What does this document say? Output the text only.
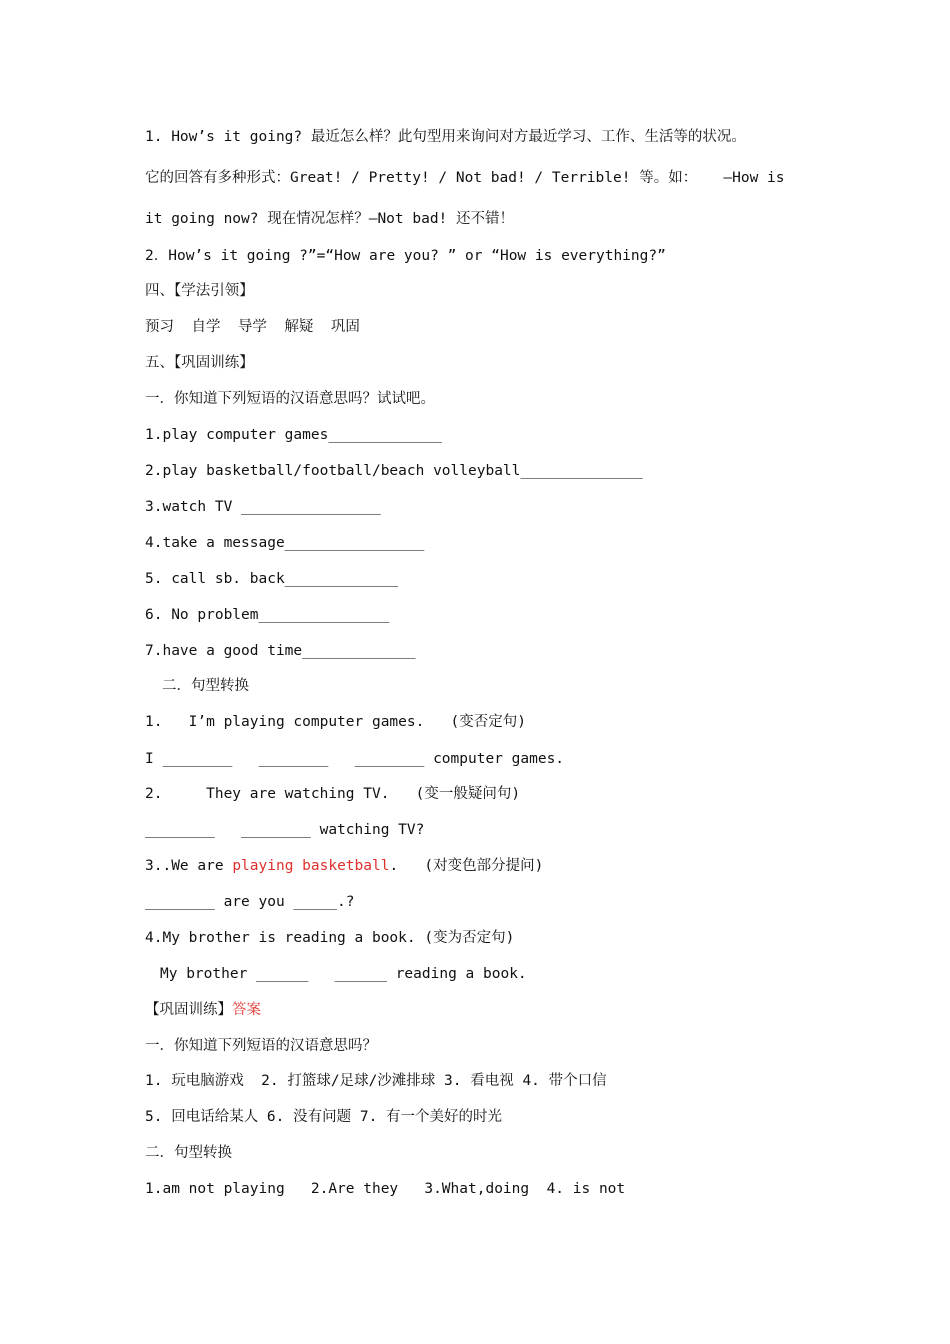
1. How’s it going? 最近怎么样？此句型用来询问对方最近学习、工作、生活等的状况。
它的回答有多种形式：Great! / Pretty! / Not bad! / Terrible! 等。如：   —How is
it going now? 现在情况怎样？—Not bad! 还不错！
2．How’s it going ?”=“How are you? ” or “How is everything?”
四、【学法引领】
预习  自学  导学  解疑  巩固
五、【巩固训练】
一．你知道下列短语的汉语意思吗？试试吧。
1.play computer games_____________
2.play basketball/football/beach volleyball______________
3.watch TV ________________
4.take a message________________
5. call sb. back_____________
6. No problem_______________
7.have a good time_____________
二．句型转换
1.   I’m playing computer games.   (变否定句)
I ________   ________   ________ computer games.
2.     They are watching TV.   (变一般疑问句)
________   ________ watching TV?
3..We are playing basketball.   (对变色部分提问)
________ are you _____.?
4.My brother is reading a book. (变为否定句)
My brother ______   ______ reading a book.
【巩固训练】答案
一．你知道下列短语的汉语意思吗？
1. 玩电脑游戏  2. 打篮球/足球/沙滩排球 3. 看电视 4. 带个口信
5. 回电话给某人 6. 没有问题 7. 有一个美好的时光
二．句型转换
1.am not playing   2.Are they   3.What,doing  4. is not
